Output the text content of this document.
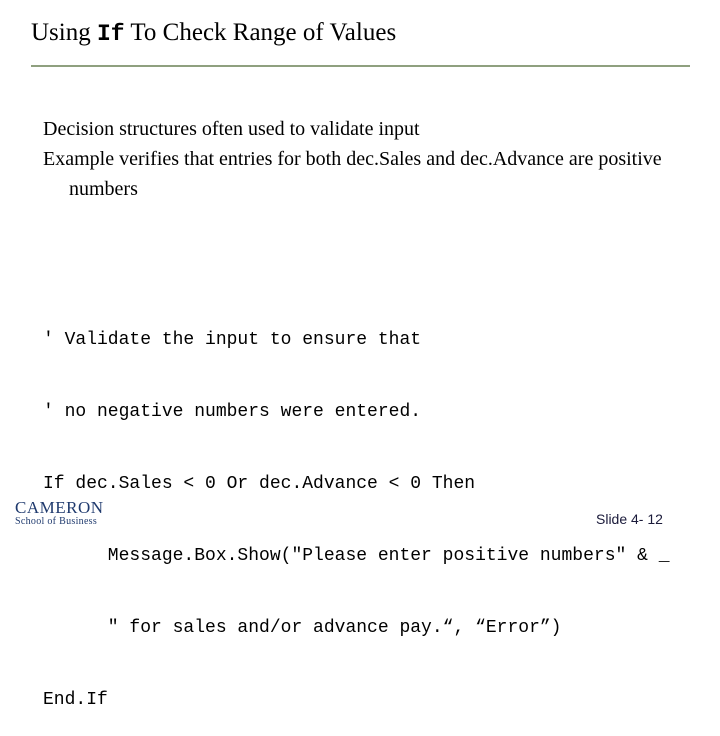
Using If To Check Range of Values
Decision structures often used to validate input
Example verifies that entries for both dec.Sales and dec.Advance are positive numbers

' Validate the input to ensure that

' no negative numbers were entered.

If dec.Sales < 0 Or dec.Advance < 0 Then

Message.Box.Show("Please enter positive numbers" & _

" for sales and/or advance pay.“, “Error”)

End.If

CAMERON
School of Business	Slide 4- 12
